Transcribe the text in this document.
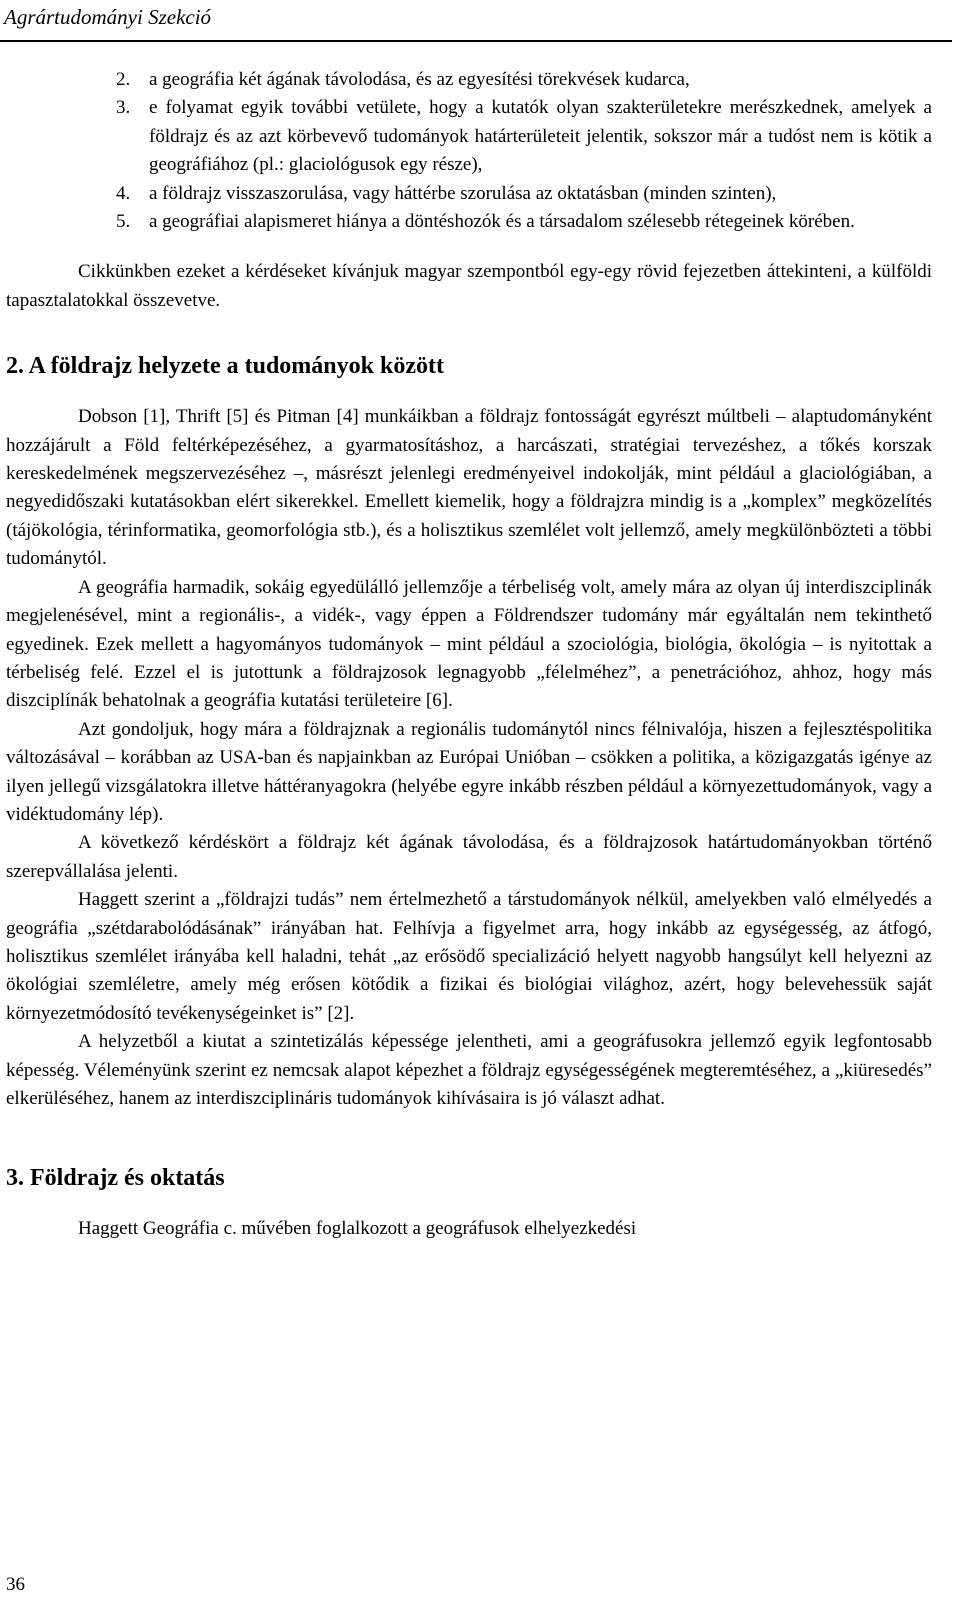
Agrártudományi Szekció
2. a geográfia két ágának távolodása, és az egyesítési törekvések kudarca,
3. e folyamat egyik további vetülete, hogy a kutatók olyan szakterületekre merészkednek, amelyek a földrajz és az azt körbevevő tudományok határterületeit jelentik, sokszor már a tudóst nem is kötik a geográfiához (pl.: glaciológusok egy része),
4. a földrajz visszaszorulása, vagy háttérbe szorulása az oktatásban (minden szinten),
5. a geográfiai alapismeret hiánya a döntéshozók és a társadalom szélesebb rétegeinek körében.

Cikkünkben ezeket a kérdéseket kívánjuk magyar szempontból egy-egy rövid fejezetben áttekinteni, a külföldi tapasztalatokkal összevetve.

2. A földrajz helyzete a tudományok között

Dobson [1], Thrift [5] és Pitman [4] munkáikban a földrajz fontosságát egyrészt múltbeli – alaptudományként hozzájárult a Föld feltérképezéséhez, a gyarmatosításhoz, a harcászati, stratégiai tervezéshez, a tőkés korszak kereskedelmének megszervezéséhez –, másrészt jelenlegi eredményeivel indokolják, mint például a glaciológiában, a negyedidőszaki kutatásokban elért sikerekkel. Emellett kiemelik, hogy a földrajzra mindig is a „komplex” megközelítés (tájökológia, térinformatika, geomorfológia stb.), és a holisztikus szemlélet volt jellemző, amely megkülönbözteti a többi tudománytól.

A geográfia harmadik, sokáig egyedülálló jellemzője a térbeliség volt, amely mára az olyan új interdiszciplinák megjelenésével, mint a regionális-, a vidék-, vagy éppen a Földrendszer tudomány már egyáltalán nem tekinthető egyedinek. Ezek mellett a hagyományos tudományok – mint például a szociológia, biológia, ökológia – is nyitottak a térbeliség felé. Ezzel el is jutottunk a földrajzosok legnagyobb „félelméhez”, a penetrációhoz, ahhoz, hogy más diszciplínák behatolnak a geográfia kutatási területeire [6].

Azt gondoljuk, hogy mára a földrajznak a regionális tudománytól nincs félnivalója, hiszen a fejlesztéspolitika változásával – korábban az USA-ban és napjainkban az Európai Unióban – csökken a politika, a közigazgatás igénye az ilyen jellegű vizsgálatokra illetve háttéranyagokra (helyébe egyre inkább részben például a környezettudományok, vagy a vidéktudomány lép).

A következő kérdéskört a földrajz két ágának távolodása, és a földrajzosok határtudományokban történő szerepvállalása jelenti.

Haggett szerint a „földrajzi tudás” nem értelmezhető a társtudományok nélkül, amelyekben való elmélyedés a geográfia „szétdarabolódásának” irányában hat. Felhívja a figyelmet arra, hogy inkább az egységesség, az átfogó, holisztikus szemlélet irányába kell haladni, tehát „az erősödő specializáció helyett nagyobb hangsúlyt kell helyezni az ökológiai szemléletre, amely még erősen kötődik a fizikai és biológiai világhoz, azért, hogy belevehessük saját környezetmódosító tevékenységeinket is” [2].

A helyzetből a kiutat a szintetizálás képessége jelentheti, ami a geográfusokra jellemző egyik legfontosabb képesség. Véleményünk szerint ez nemcsak alapot képezhet a földrajz egységességének megteremtéséhez, a „kiüresedés” elkerüléséhez, hanem az interdiszciplináris tudományok kihívásaira is jó választ adhat.

3. Földrajz és oktatás

Haggett Geográfia c. művében foglalkozott a geográfusok elhelyezkedési

36
